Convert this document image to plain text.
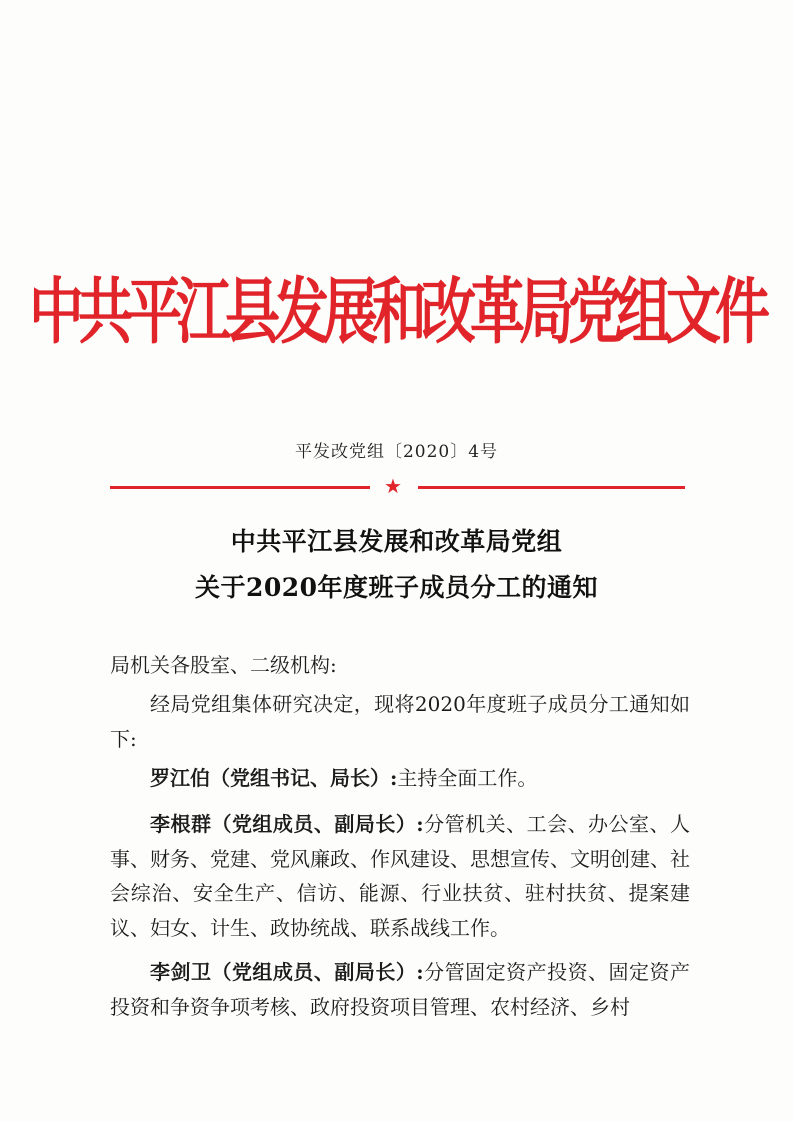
中共平江县发展和改革局党组文件
平发改党组〔2020〕4号
★
中共平江县发展和改革局党组
关于2020年度班子成员分工的通知
局机关各股室、二级机构:
经局党组集体研究决定，现将2020年度班子成员分工通知如下:
罗江伯（党组书记、局长）:主持全面工作。
李根群（党组成员、副局长）:分管机关、工会、办公室、人事、财务、党建、党风廉政、作风建设、思想宣传、文明创建、社会综治、安全生产、信访、能源、行业扶贫、驻村扶贫、提案建议、妇女、计生、政协统战、联系战线工作。
李剑卫（党组成员、副局长）:分管固定资产投资、固定资产投资和争资争项考核、政府投资项目管理、农村经济、乡村
